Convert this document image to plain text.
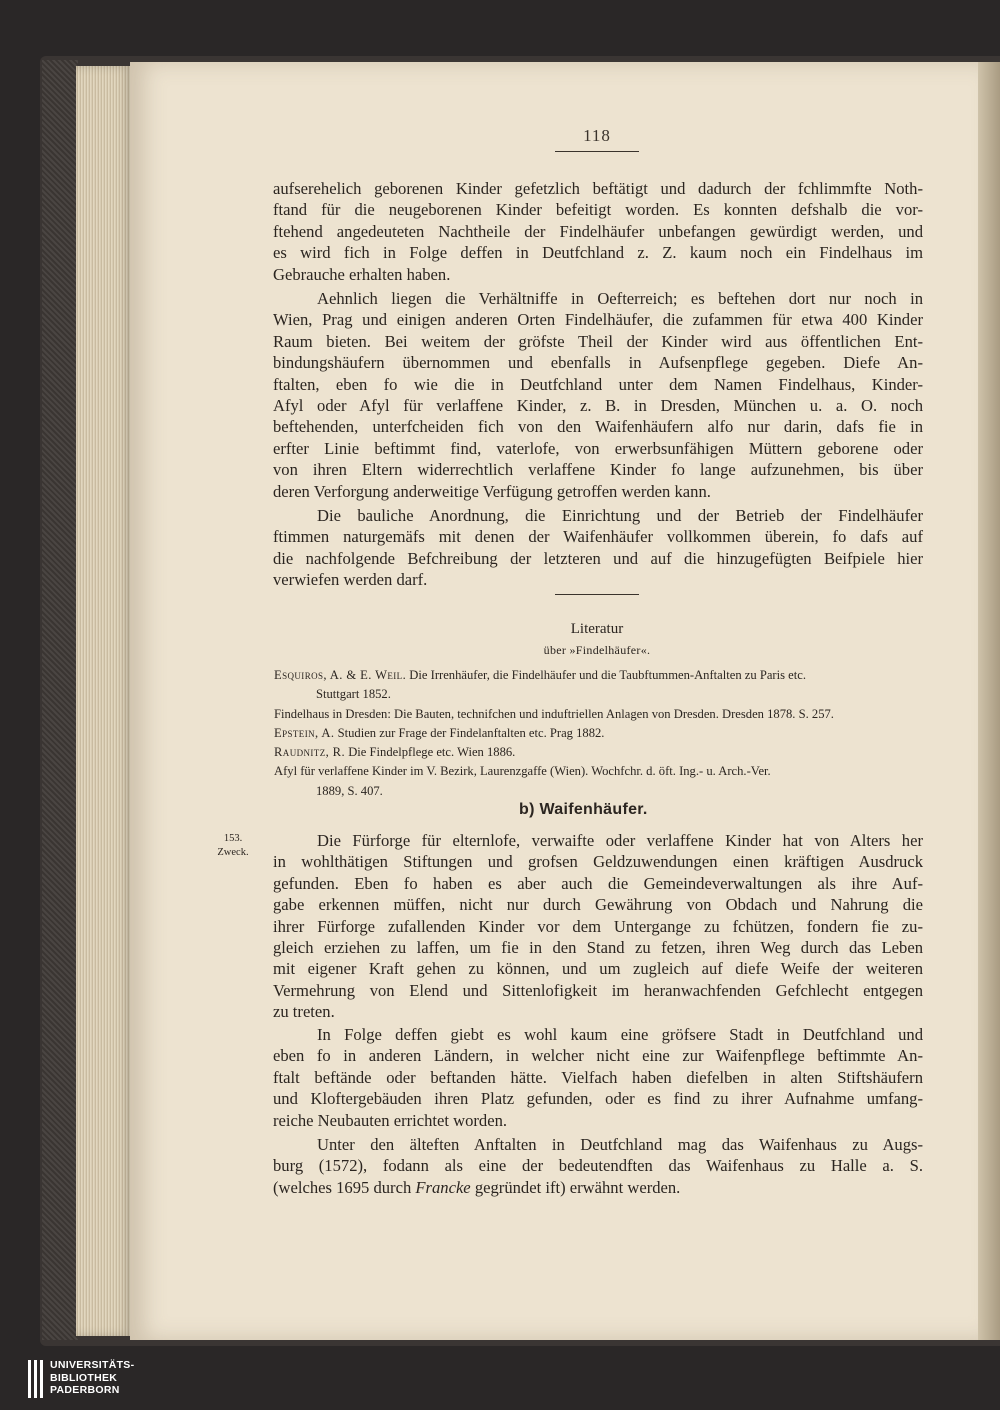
118
aufserehelich geborenen Kinder gefetzlich beftätigt und dadurch der fchlimmfte Noth-
ftand für die neugeborenen Kinder befeitigt worden. Es konnten defshalb die vor-
ftehend angedeuteten Nachtheile der Findelhäufer unbefangen gewürdigt werden, und
es wird fich in Folge deffen in Deutfchland z. Z. kaum noch ein Findelhaus im
Gebrauche erhalten haben.
Aehnlich liegen die Verhältniffe in Oefterreich; es beftehen dort nur noch in
Wien, Prag und einigen anderen Orten Findelhäufer, die zufammen für etwa 400 Kinder
Raum bieten. Bei weitem der gröfste Theil der Kinder wird aus öffentlichen Ent-
bindungshäufern übernommen und ebenfalls in Aufsenpflege gegeben. Diefe An-
ftalten, eben fo wie die in Deutfchland unter dem Namen Findelhaus, Kinder-
Afyl oder Afyl für verlaffene Kinder, z. B. in Dresden, München u. a. O. noch
beftehenden, unterfcheiden fich von den Waifenhäufern alfo nur darin, dafs fie in
erfter Linie beftimmt find, vaterlofe, von erwerbsunfähigen Müttern geborene oder
von ihren Eltern widerrechtlich verlaffene Kinder fo lange aufzunehmen, bis über
deren Verforgung anderweitige Verfügung getroffen werden kann.
Die bauliche Anordnung, die Einrichtung und der Betrieb der Findelhäufer
ftimmen naturgemäfs mit denen der Waifenhäufer vollkommen überein, fo dafs auf
die nachfolgende Befchreibung der letzteren und auf die hinzugefügten Beifpiele hier
verwiefen werden darf.
Literatur
über »Findelhäufer«.
Esquiros, A. & E. Weil. Die Irrenhäufer, die Findelhäufer und die Taubftummen-Anftalten zu Paris etc.
Stuttgart 1852.
Findelhaus in Dresden: Die Bauten, technifchen und induftriellen Anlagen von Dresden. Dresden 1878. S. 257.
Epstein, A. Studien zur Frage der Findelanftalten etc. Prag 1882.
Raudnitz, R. Die Findelpflege etc. Wien 1886.
Afyl für verlaffene Kinder im V. Bezirk, Laurenzgaffe (Wien). Wochfchr. d. öft. Ing.- u. Arch.-Ver.
1889, S. 407.
b) Waifenhäufer.
153.
Zweck.
Die Fürforge für elternlofe, verwaifte oder verlaffene Kinder hat von Alters her
in wohlthätigen Stiftungen und grofsen Geldzuwendungen einen kräftigen Ausdruck
gefunden. Eben fo haben es aber auch die Gemeindeverwaltungen als ihre Auf-
gabe erkennen müffen, nicht nur durch Gewährung von Obdach und Nahrung die
ihrer Fürforge zufallenden Kinder vor dem Untergange zu fchützen, fondern fie zu-
gleich erziehen zu laffen, um fie in den Stand zu fetzen, ihren Weg durch das Leben
mit eigener Kraft gehen zu können, und um zugleich auf diefe Weife der weiteren
Vermehrung von Elend und Sittenlofigkeit im heranwachfenden Gefchlecht entgegen
zu treten.
In Folge deffen giebt es wohl kaum eine gröfsere Stadt in Deutfchland und
eben fo in anderen Ländern, in welcher nicht eine zur Waifenpflege beftimmte An-
ftalt beftände oder beftanden hätte. Vielfach haben diefelben in alten Stiftshäufern
und Kloftergebäuden ihren Platz gefunden, oder es find zu ihrer Aufnahme umfang-
reiche Neubauten errichtet worden.
Unter den älteften Anftalten in Deutfchland mag das Waifenhaus zu Augs-
burg (1572), fodann als eine der bedeutendften das Waifenhaus zu Halle a. S.
(welches 1695 durch Francke gegründet ift) erwähnt werden.
UNIVERSITÄTS-
BIBLIOTHEK
PADERBORN
